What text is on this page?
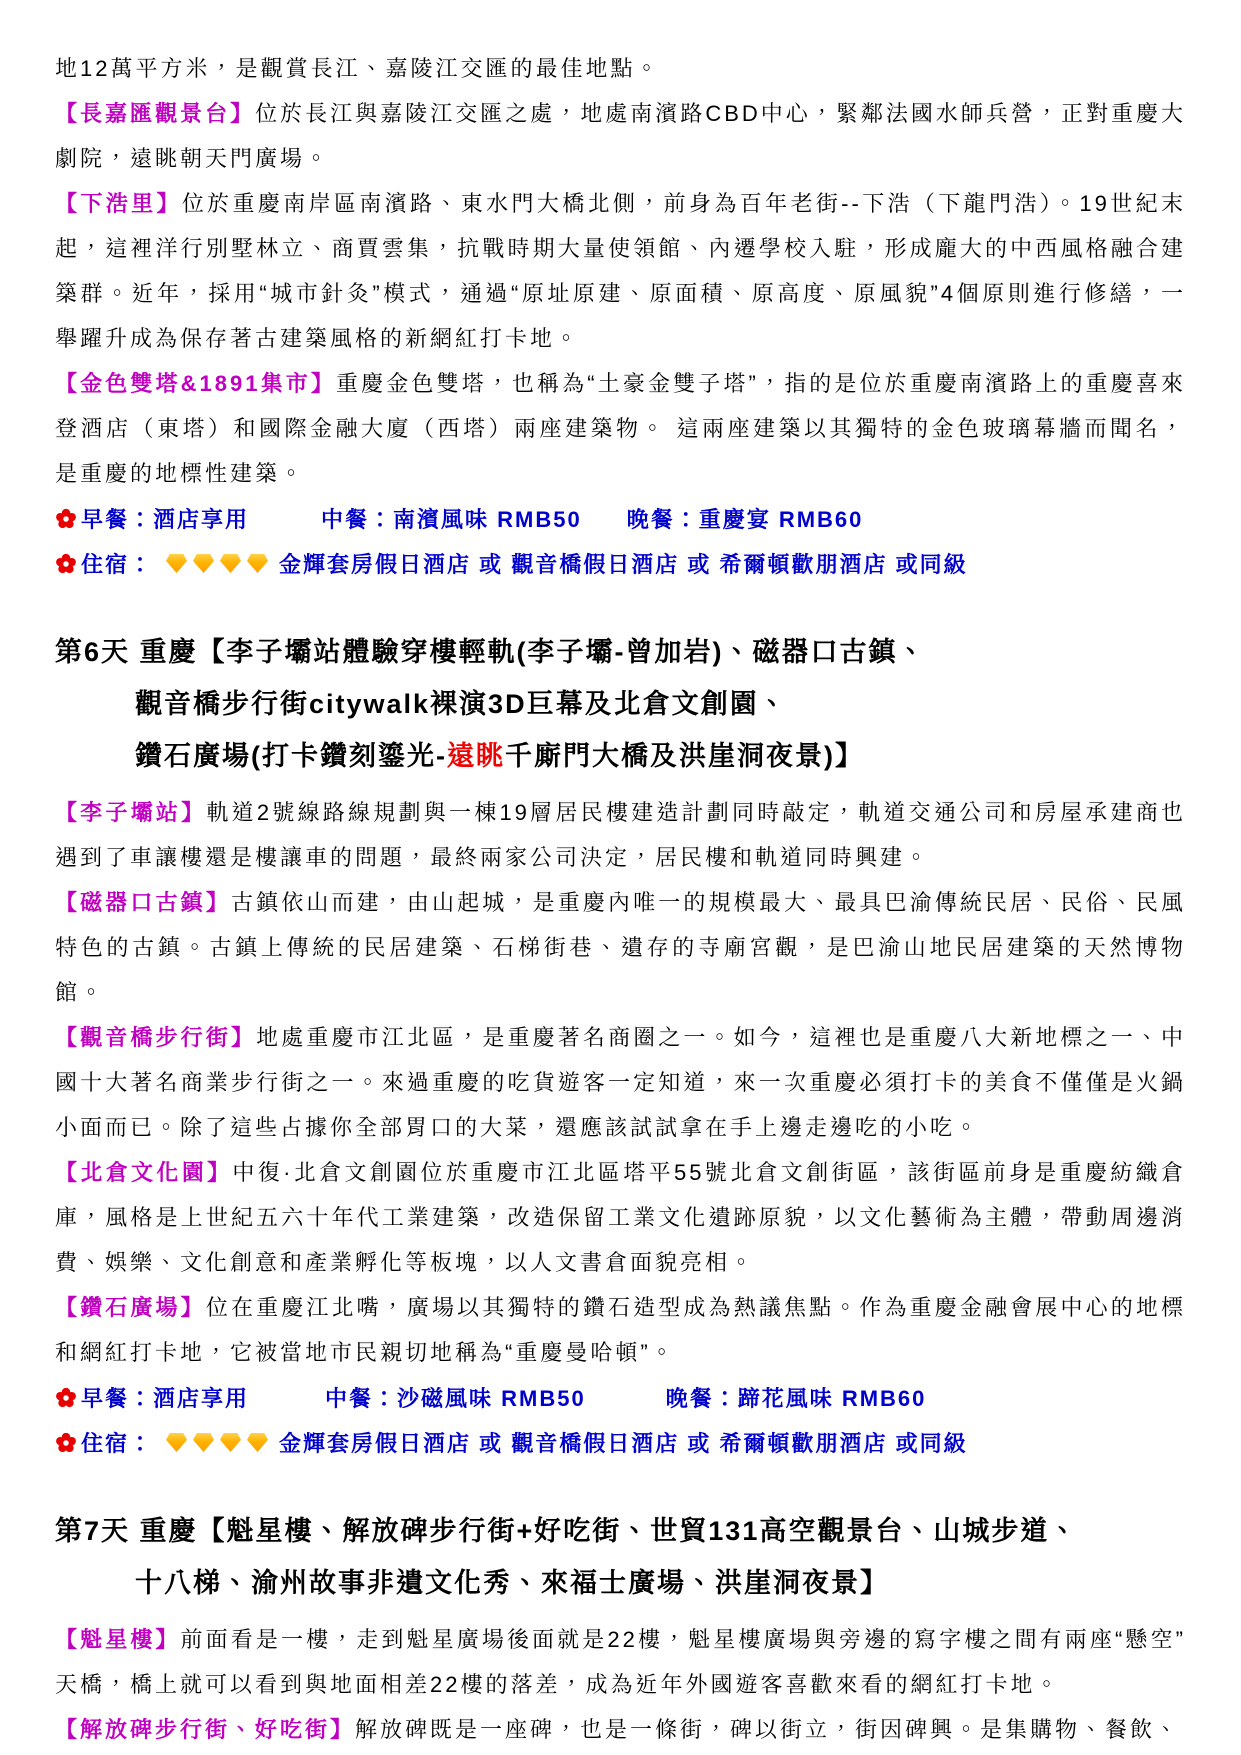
地12萬平方米，是觀賞長江、嘉陵江交匯的最佳地點。

【長嘉匯觀景台】位於長江與嘉陵江交匯之處，地處南濱路CBD中心，緊鄰法國水師兵營，正對重慶大劇院，遠眺朝天門廣場。

【下浩里】位於重慶南岸區南濱路、東水門大橋北側，前身為百年老街--下浩（下龍門浩）。19世紀末起，這裡洋行別墅林立、商賈雲集，抗戰時期大量使領館、內遷學校入駐，形成龐大的中西風格融合建築群。近年，採用“城市針灸”模式，通過“原址原建、原面積、原高度、原風貌”4個原則進行修繕，一舉躍升成為保存著古建築風格的新網紅打卡地。

【金色雙塔&1891集市】重慶金色雙塔，也稱為“土豪金雙子塔”，指的是位於重慶南濱路上的重慶喜來登酒店（東塔）和國際金融大廈（西塔）兩座建築物。 這兩座建築以其獨特的金色玻璃幕牆而聞名，是重慶的地標性建築。

早餐：酒店享用	中餐：南濱風味 RMB50 晚餐：重慶宴 RMB60

住宿：	金輝套房假日酒店 或 觀音橋假日酒店 或 希爾頓歡朋酒店 或同級

第6天 重慶【李子壩站體驗穿樓輕軌(李子壩-曾加岩)、磁器口古鎮、
觀音橋步行街citywalk裸演3D巨幕及北倉文創園、
鑽石廣場(打卡鑽刻鎏光-遠眺千廝門大橋及洪崖洞夜景)】

【李子壩站】軌道2號線路線規劃與一棟19層居民樓建造計劃同時敲定，軌道交通公司和房屋承建商也遇到了車讓樓還是樓讓車的問題，最終兩家公司決定，居民樓和軌道同時興建。

【磁器口古鎮】古鎮依山而建，由山起城，是重慶內唯一的規模最大、最具巴渝傳統民居、民俗、民風特色的古鎮。古鎮上傳統的民居建築、石梯街巷、遺存的寺廟宮觀，是巴渝山地民居建築的天然博物館。

【觀音橋步行街】地處重慶市江北區，是重慶著名商圈之一。如今，這裡也是重慶八大新地標之一、中國十大著名商業步行街之一。來過重慶的吃貨遊客一定知道，來一次重慶必須打卡的美食不僅僅是火鍋小面而已。除了這些占據你全部胃口的大菜，還應該試試拿在手上邊走邊吃的小吃。

【北倉文化園】中復·北倉文創園位於重慶市江北區塔平55號北倉文創街區，該街區前身是重慶紡織倉庫，風格是上世紀五六十年代工業建築，改造保留工業文化遺跡原貌，以文化藝術為主體，帶動周邊消費、娛樂、文化創意和產業孵化等板塊，以人文書倉面貌亮相。

【鑽石廣場】位在重慶江北嘴，廣場以其獨特的鑽石造型成為熱議焦點。作為重慶金融會展中心的地標和網紅打卡地，它被當地市民親切地稱為“重慶曼哈頓”。

早餐：酒店享用	中餐：沙磁風味 RMB50	晚餐：蹄花風味 RMB60

住宿：	金輝套房假日酒店 或 觀音橋假日酒店 或 希爾頓歡朋酒店 或同級

第7天 重慶【魁星樓、解放碑步行街+好吃街、世貿131高空觀景台、山城步道、
十八梯、渝州故事非遺文化秀、來福士廣場、洪崖洞夜景】

【魁星樓】前面看是一樓，走到魁星廣場後面就是22樓，魁星樓廣場與旁邊的寫字樓之間有兩座“懸空”天橋，橋上就可以看到與地面相差22樓的落差，成為近年外國遊客喜歡來看的網紅打卡地。

【解放碑步行街、好吃街】解放碑既是一座碑，也是一條街，碑以街立，街因碑興。是集購物、餐飲、
